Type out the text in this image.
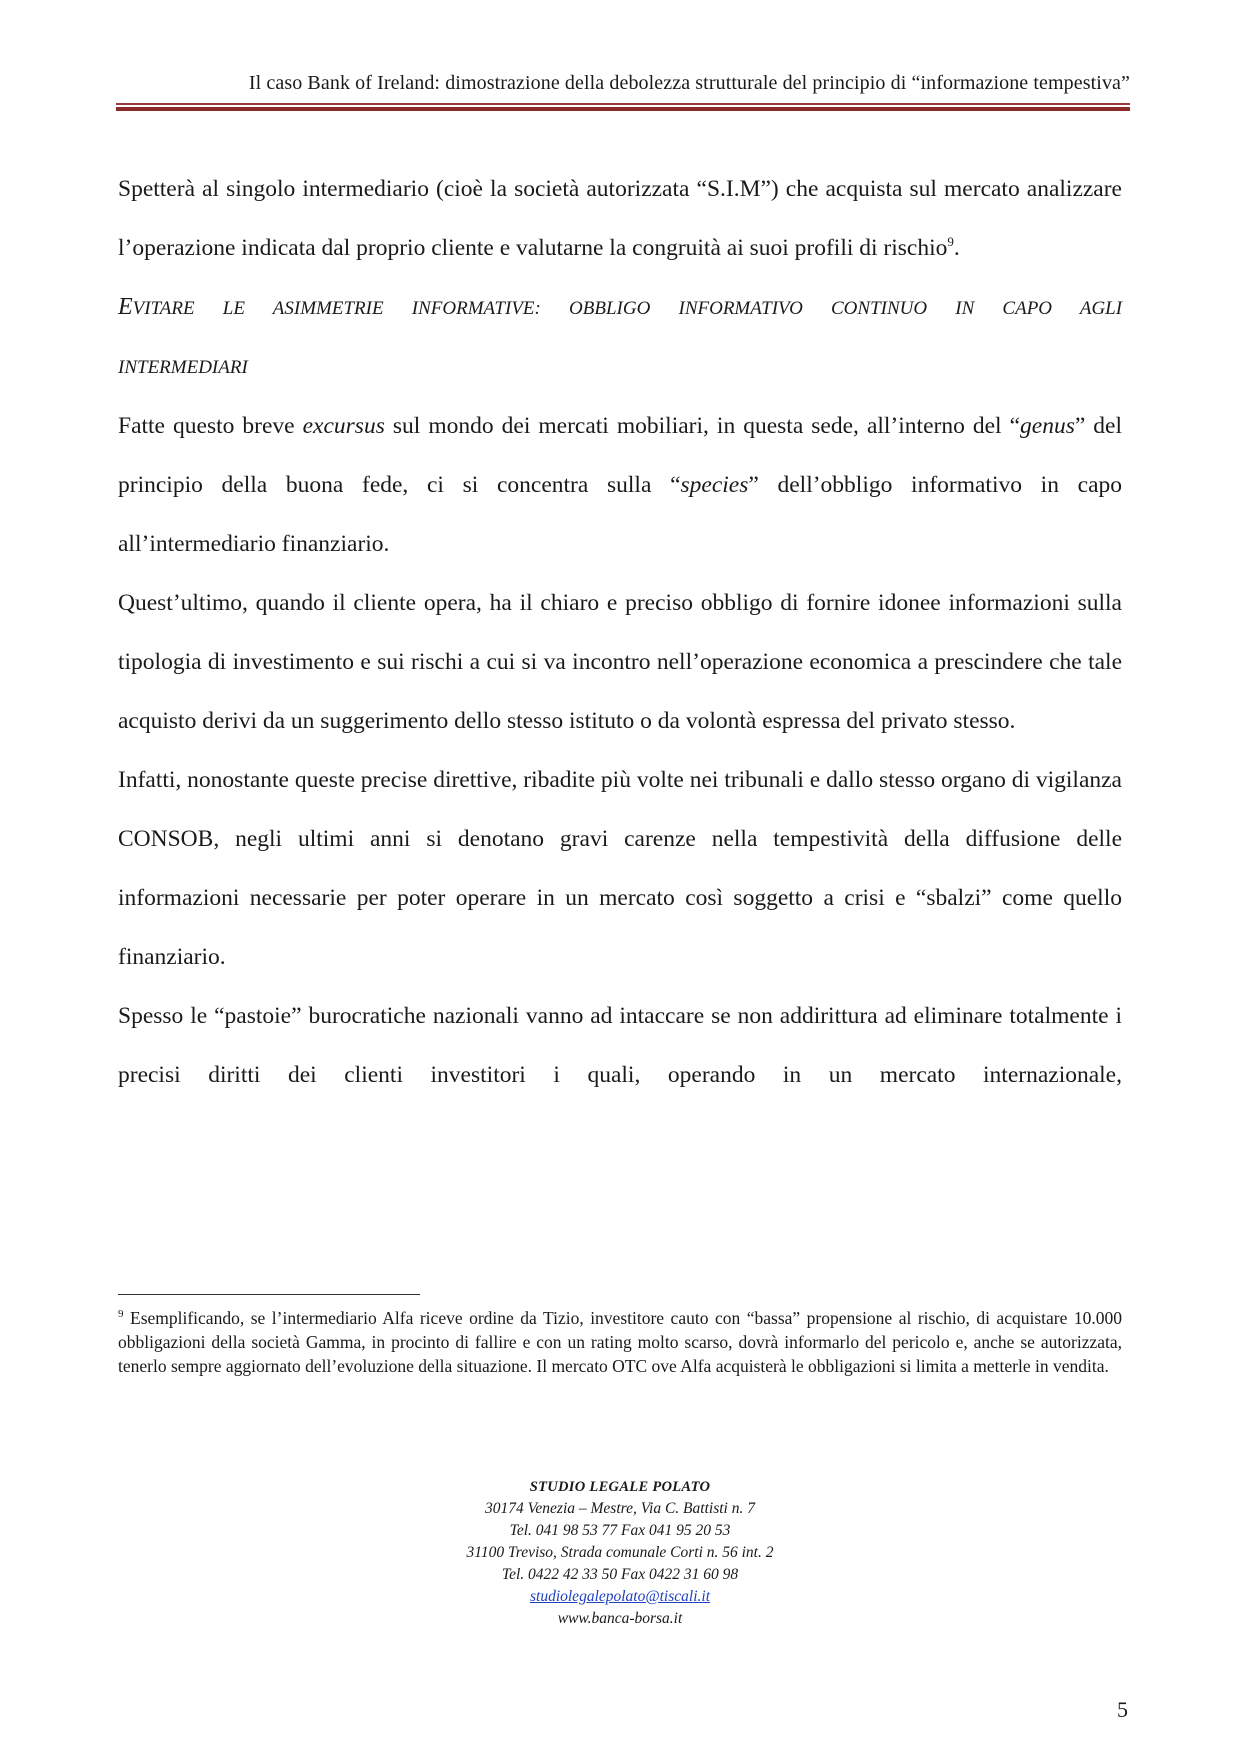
Il caso Bank of Ireland: dimostrazione della debolezza strutturale del principio di “informazione tempestiva”

Spetterà al singolo intermediario (cioè la società autorizzata “S.I.M”) che acquista sul mercato analizzare l’operazione indicata dal proprio cliente e valutarne la congruità ai suoi profili di rischio$^9$.

EVITARE LE ASIMMETRIE INFORMATIVE: OBBLIGO INFORMATIVO CONTINUO IN CAPO AGLI
INTERMEDIARI

Fatte questo breve excursus sul mondo dei mercati mobiliari, in questa sede, all’interno del “genus” del principio della buona fede, ci si concentra sulla “species” dell’obbligo informativo in capo all’intermediario finanziario.

Quest’ultimo, quando il cliente opera, ha il chiaro e preciso obbligo di fornire idonee informazioni sulla tipologia di investimento e sui rischi a cui si va incontro nell’operazione economica a prescindere che tale acquisto derivi da un suggerimento dello stesso istituto o da volontà espressa del privato stesso.

Infatti, nonostante queste precise direttive, ribadite più volte nei tribunali e dallo stesso organo di vigilanza CONSOB, negli ultimi anni si denotano gravi carenze nella tempestività della diffusione delle informazioni necessarie per poter operare in un mercato così soggetto a crisi e “sbalzi” come quello finanziario.

Spesso le “pastoie” burocratiche nazionali vanno ad intaccare se non addirittura ad eliminare totalmente i precisi diritti dei clienti investitori i quali, operando in un mercato internazionale,

$^9$ Esemplificando, se l’intermediario Alfa riceve ordine da Tizio, investitore cauto con “bassa” propensione al rischio, di acquistare 10.000 obbligazioni della società Gamma, in procinto di fallire e con un rating molto scarso, dovrà informarlo del pericolo e, anche se autorizzata, tenerlo sempre aggiornato dell’evoluzione della situazione. Il mercato OTC ove Alfa acquisterà le obbligazioni si limita a metterle in vendita.

STUDIO LEGALE POLATO
30174 Venezia – Mestre, Via C. Battisti n. 7
Tel. 041 98 53 77 Fax 041 95 20 53
31100 Treviso, Strada comunale Corti n. 56 int. 2
Tel. 0422 42 33 50 Fax 0422 31 60 98
studiolegalepolato@tiscali.it
www.banca-borsa.it
5
